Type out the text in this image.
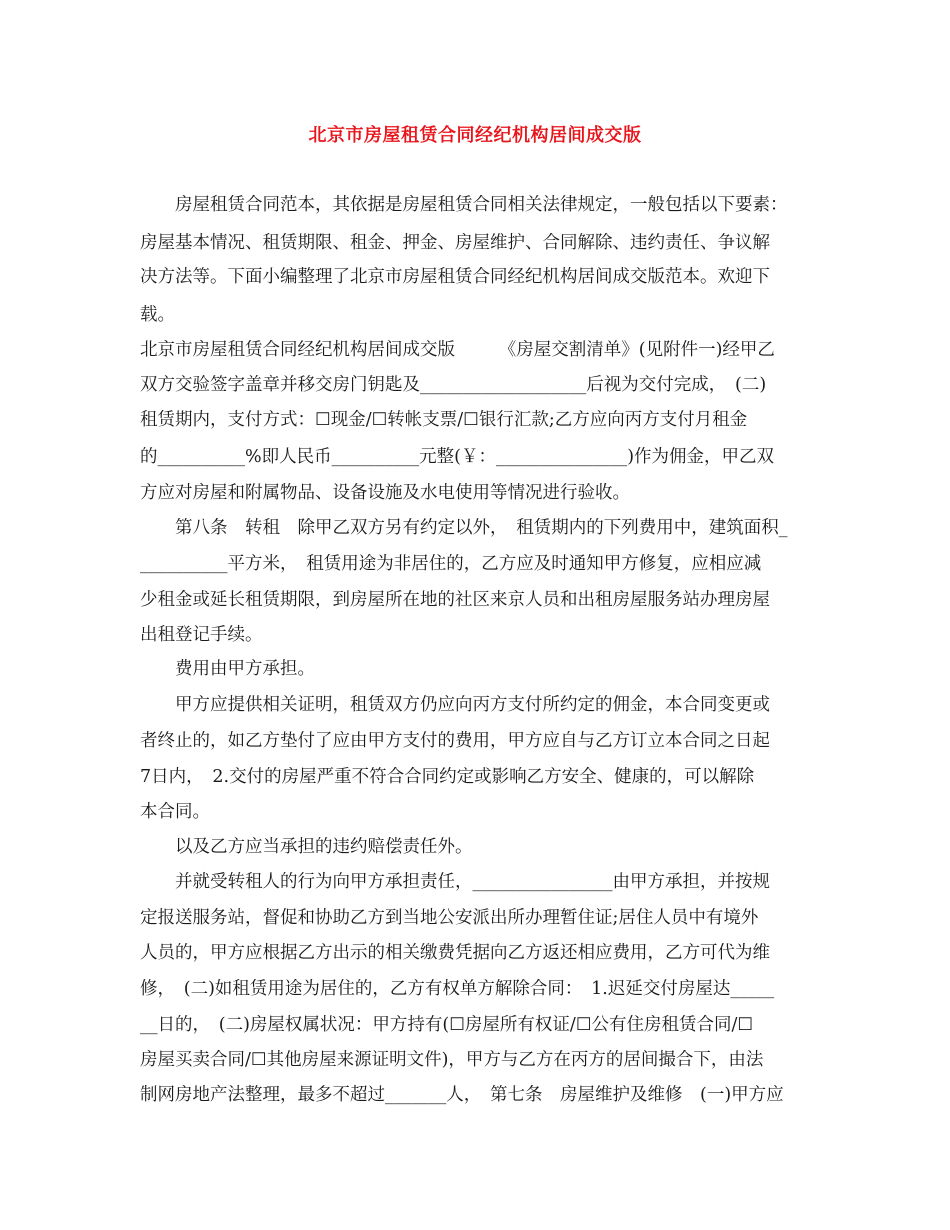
北京市房屋租赁合同经纪机构居间成交版
　　房屋租赁合同范本，其依据是房屋租赁合同相关法律规定，一般包括以下要素：
房屋基本情况、租赁期限、租金、押金、房屋维护、合同解除、违约责任、争议解
决方法等。下面小编整理了北京市房屋租赁合同经纪机构居间成交版范本。欢迎下
载。
北京市房屋租赁合同经纪机构居间成交版　　　《房屋交割清单》(见附件一)经甲乙
双方交验签字盖章并移交房门钥匙及___________________后视为交付完成，　(二)
租赁期内，支付方式：☐现金/☐转帐支票/☐银行汇款;乙方应向丙方支付月租金
的__________%即人民币__________元整(￥：_______________)作为佣金，甲乙双
方应对房屋和附属物品、设备设施及水电使用等情况进行验收。
　　第八条　转租　除甲乙双方另有约定以外，　租赁期内的下列费用中，建筑面积_
__________平方米，　租赁用途为非居住的，乙方应及时通知甲方修复，应相应减
少租金或延长租赁期限，到房屋所在地的社区来京人员和出租房屋服务站办理房屋
出租登记手续。
　　费用由甲方承担。
　　甲方应提供相关证明，租赁双方仍应向丙方支付所约定的佣金，本合同变更或
者终止的，如乙方垫付了应由甲方支付的费用，甲方应自与乙方订立本合同之日起
7日内，　2.交付的房屋严重不符合合同约定或影响乙方安全、健康的，可以解除
本合同。
　　以及乙方应当承担的违约赔偿责任外。
　　并就受转租人的行为向甲方承担责任，________________由甲方承担，并按规
定报送服务站，督促和协助乙方到当地公安派出所办理暂住证;居住人员中有境外
人员的，甲方应根据乙方出示的相关缴费凭据向乙方返还相应费用，乙方可代为维
修，　(二)如租赁用途为居住的，乙方有权单方解除合同：　1.迟延交付房屋达_____
__日的，　(二)房屋权属状况：甲方持有(☐房屋所有权证/☐公有住房租赁合同/☐
房屋买卖合同/☐其他房屋来源证明文件)，甲方与乙方在丙方的居间撮合下，由法
制网房地产法整理，最多不超过_______人，　第七条　房屋维护及维修　(一)甲方应
